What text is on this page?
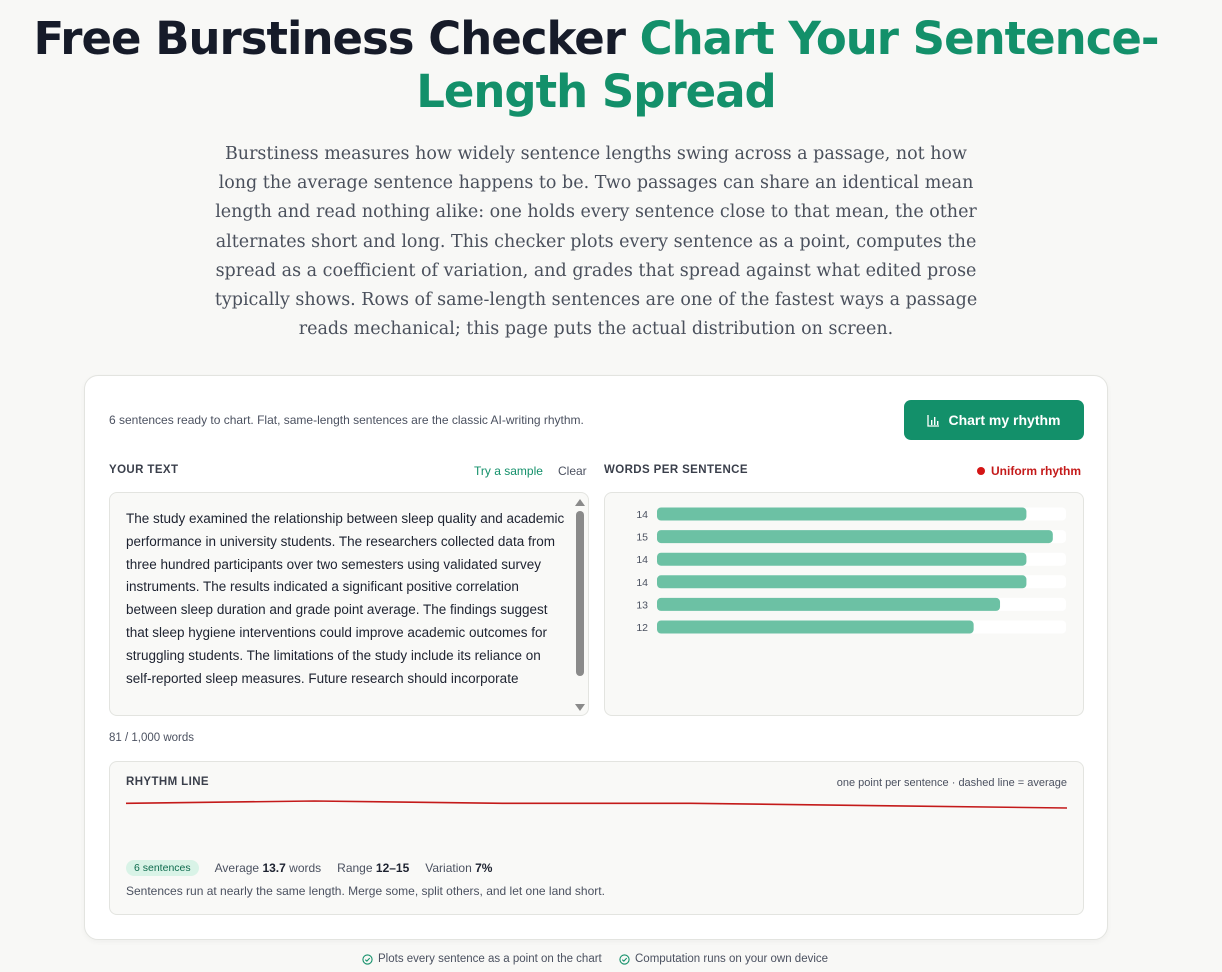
Free Burstiness Checker Chart Your Sentence-Length Spread

Burstiness measures how widely sentence lengths swing across a passage, not how long the average sentence happens to be. Two passages can share an identical mean length and read nothing alike: one holds every sentence close to that mean, the other alternates short and long. This checker plots every sentence as a point, computes the spread as a coefficient of variation, and grades that spread against what edited prose typically shows. Rows of same-length sentences are one of the fastest ways a passage reads mechanical; this page puts the actual distribution on screen.

6 sentences ready to chart. Flat, same-length sentences are the classic AI-writing rhythm.	Chart my rhythm
YOUR TEXT	Try a sample Clear WORDS PER SENTENCE	Uniform rhythm
The study examined the relationship between sleep quality and academic performance in university students. The researchers collected data from three hundred participants over two semesters using validated survey instruments. The results indicated a significant positive correlation between sleep duration and grade point average. The findings suggest that sleep hygiene interventions could improve academic outcomes for struggling students. The limitations of the study include its reliance on self-reported sleep measures. Future research should incorporate
14
15
14
14
13
12
81 / 1,000 words
RHYTHM LINE	one point per sentence · dashed line = average
6 sentences	Average 13.7 words Range 12–15 Variation 7%
Sentences run at nearly the same length. Merge some, split others, and let one land short.
Plots every sentence as a point on the chart	Computation runs on your own device
